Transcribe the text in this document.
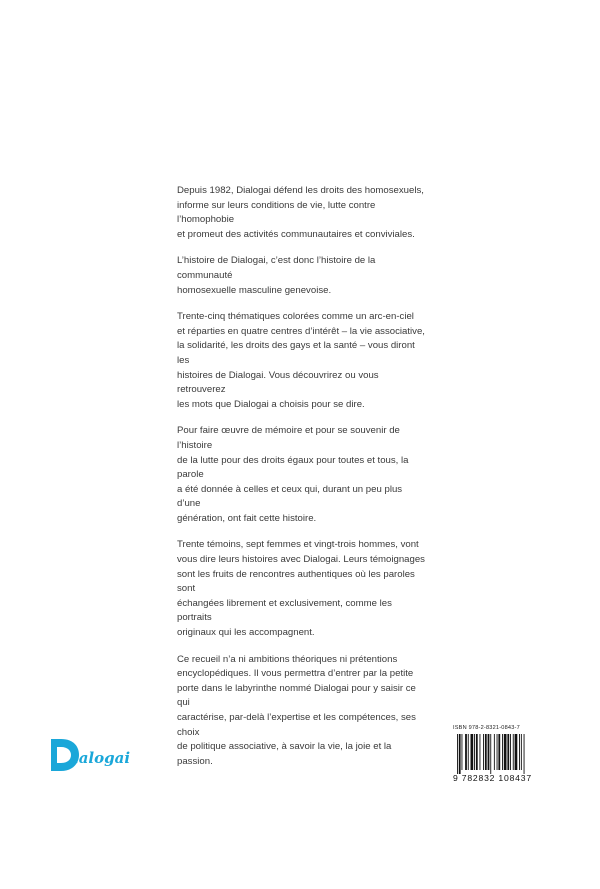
Depuis 1982, Dialogai défend les droits des homosexuels,
informe sur leurs conditions de vie, lutte contre l’homophobie
et promeut des activités communautaires et conviviales.

L’histoire de Dialogai, c’est donc l’histoire de la communauté
homosexuelle masculine genevoise.

Trente-cinq thématiques colorées comme un arc-en-ciel
et réparties en quatre centres d’intérêt – la vie associative,
la solidarité, les droits des gays et la santé – vous diront les
histoires de Dialogai. Vous découvrirez ou vous retrouverez
les mots que Dialogai a choisis pour se dire.

Pour faire œuvre de mémoire et pour se souvenir de l’histoire
de la lutte pour des droits égaux pour toutes et tous, la parole
a été donnée à celles et ceux qui, durant un peu plus d’une
génération, ont fait cette histoire.

Trente témoins, sept femmes et vingt-trois hommes, vont
vous dire leurs histoires avec Dialogai. Leurs témoignages
sont les fruits de rencontres authentiques où les paroles sont
échangées librement et exclusivement, comme les portraits
originaux qui les accompagnent.

Ce recueil n’a ni ambitions théoriques ni prétentions
encyclopédiques. Il vous permettra d’entrer par la petite
porte dans le labyrinthe nommé Dialogai pour y saisir ce qui
caractérise, par-delà l’expertise et les compétences, ses choix
de politique associative, à savoir la vie, la joie et la passion.

ialogai
ISBN 978-2-8321-0843-7
9 782832 108437
